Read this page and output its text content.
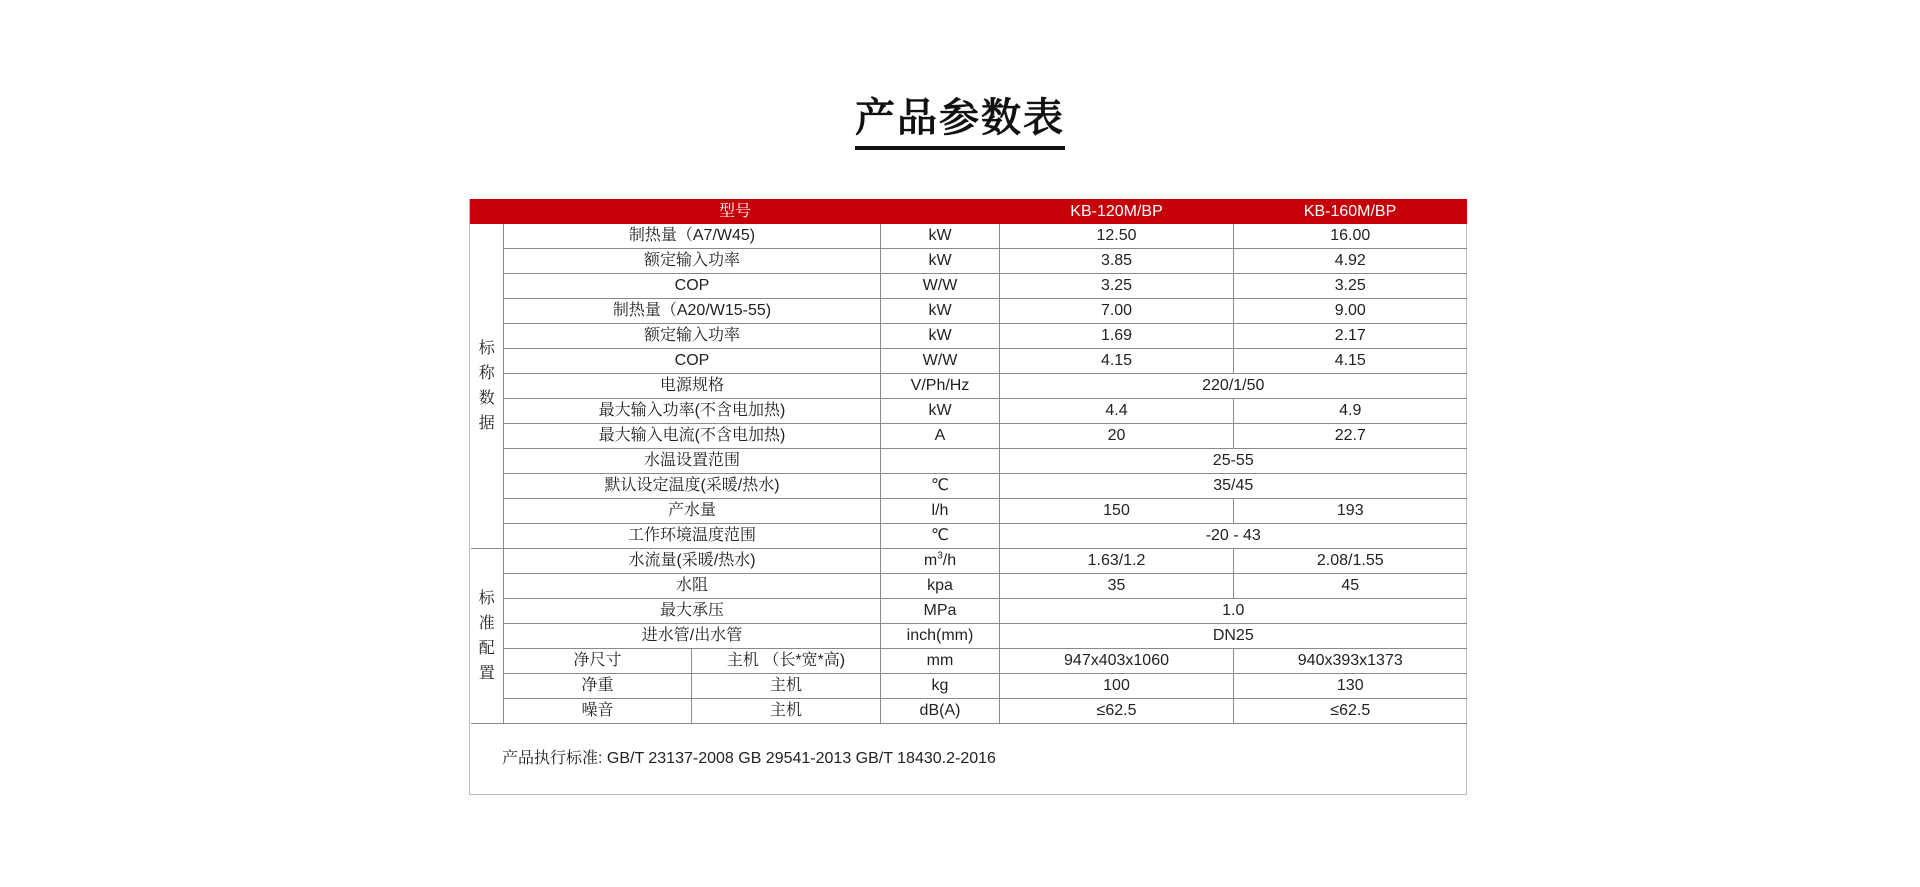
产品参数表
型号				KB-120M/BP	KB-160M/BP

标
称
数
据	制热量（A7/W45)		kW	12.50	16.00
	额定输入功率		kW	3.85	4.92
	COP		W/W	3.25	3.25
	制热量（A20/W15-55)		kW	7.00	9.00
	额定输入功率		kW	1.69	2.17
	COP		W/W	4.15	4.15
	电源规格		V/Ph/Hz	220/1/50	
	最大输入功率(不含电加热)		kW	4.4	4.9
	最大输入电流(不含电加热)		A	20	22.7
	水温设置范围			25-55	
	默认设定温度(采暖/热水)		℃	35/45	
	产水量		l/h	150	193
	工作环境温度范围		℃	-20 - 43	

标
准
配
置	水流量(采暖/热水)		$m^3/h$	1.63/1.2	2.08/1.55
	水阻		kpa	35	45
	最大承压		MPa	1.0	
	进水管/出水管		inch(mm)	DN25	
	净尺寸	主机 （长*宽*高)	mm	947x403x1060	940x393x1373
	净重	主机	kg	100	130
	噪音	主机	dB(A)	≤62.5	≤62.5
产品执行标准: GB/T 23137-2008 GB 29541-2013 GB/T 18430.2-2016
